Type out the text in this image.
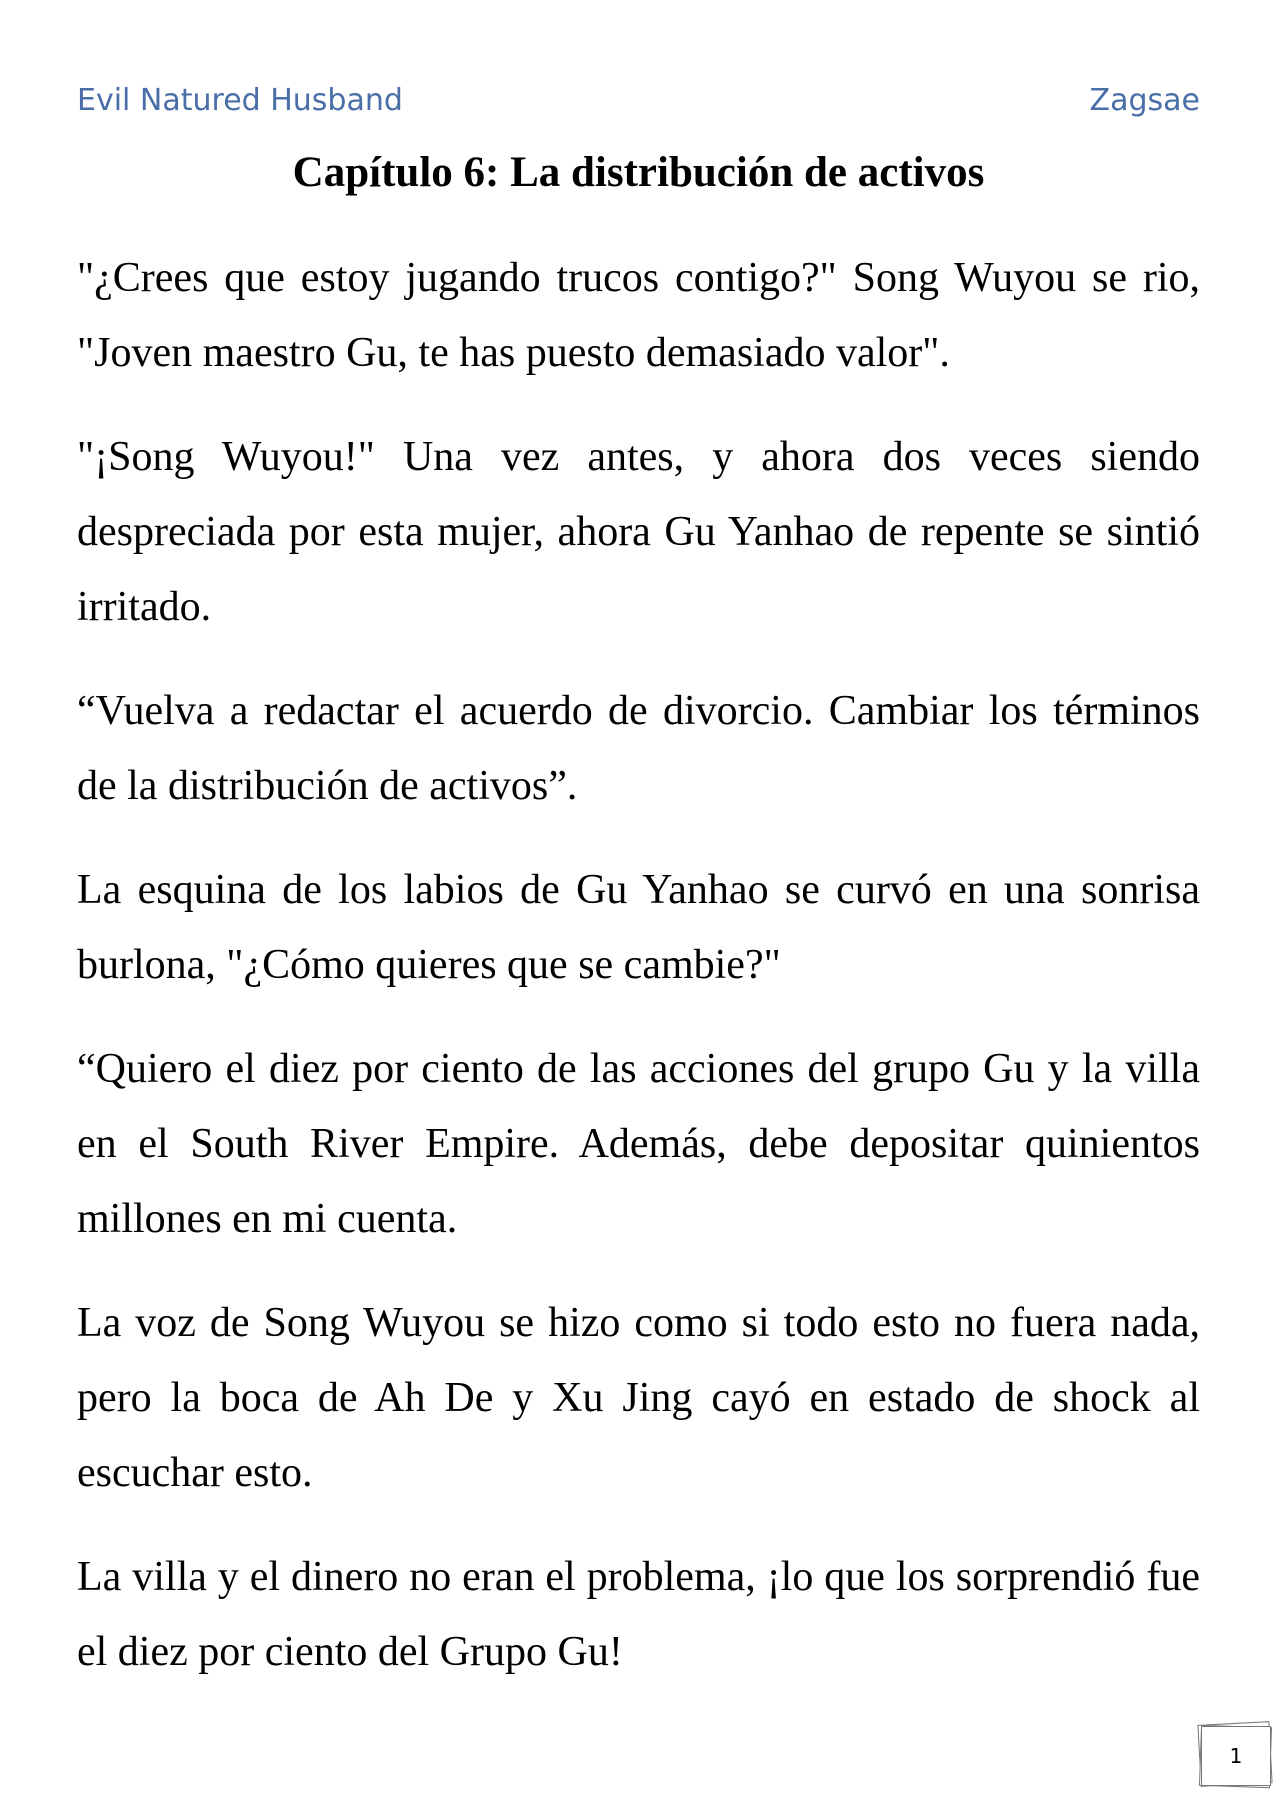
Evil Natured Husband	Zagsae
Capítulo 6: La distribución de activos

"¿Crees que estoy jugando trucos contigo?" Song Wuyou se rio, "Joven maestro Gu, te has puesto demasiado valor".

"¡Song Wuyou!" Una vez antes, y ahora dos veces siendo despreciada por esta mujer, ahora Gu Yanhao de repente se sintió irritado.

“Vuelva a redactar el acuerdo de divorcio. Cambiar los términos de la distribución de activos”.

La esquina de los labios de Gu Yanhao se curvó en una sonrisa burlona, "¿Cómo quieres que se cambie?"

“Quiero el diez por ciento de las acciones del grupo Gu y la villa en el South River Empire. Además, debe depositar quinientos millones en mi cuenta.

La voz de Song Wuyou se hizo como si todo esto no fuera nada, pero la boca de Ah De y Xu Jing cayó en estado de shock al escuchar esto.

La villa y el dinero no eran el problema, ¡lo que los sorprendió fue el diez por ciento del Grupo Gu!

1
